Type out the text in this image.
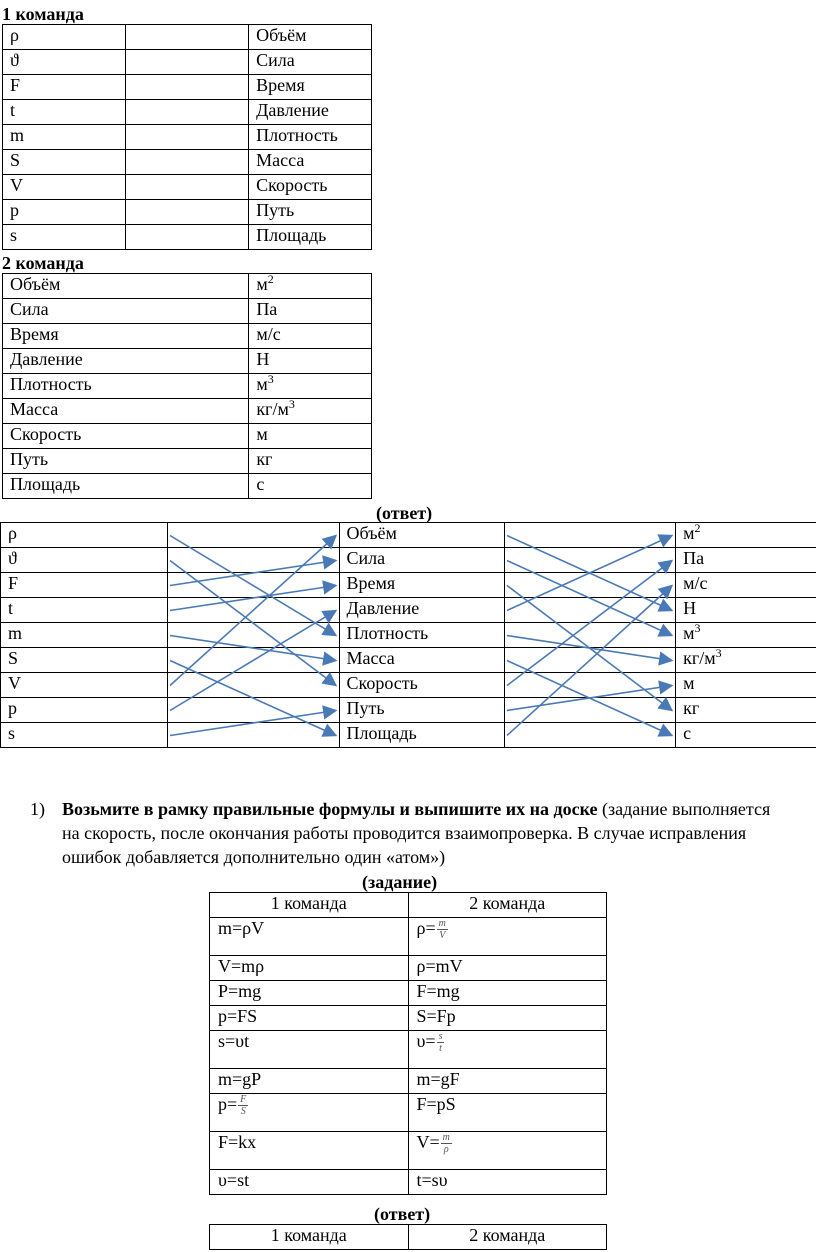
1 команда
ρ		Объём
ϑ		Сила
F		Время
t		Давление
m		Плотность
S		Масса
V		Скорость
p		Путь
s		Площадь
2 команда
Объём	$м^2$
Сила	Па
Время	м/с
Давление	Н
Плотность	$м^3$
Масса	$кг/м^3$
Скорость	м
Путь	кг
Площадь	с
(ответ)
ρ		Объём		$м^2$
ϑ		Сила		Па
F		Время		м/с
t		Давление		Н
m		Плотность		$м^3$
S		Масса		$кг/м^3$
V		Скорость		м
p		Путь		кг
s		Площадь		с
1) Возьмите в рамку правильные формулы и выпишите их на доске (задание выполняется на скорость, после окончания работы проводится взаимопроверка. В случае исправления ошибок добавляется дополнительно один «атом»)
(задание)
1 команда	2 команда
m=ρV	$\rho= \frac{m}{V}$

V=mρ	ρ=mV
P=mg	F=mg
p=FS	S=Fp
s=υt	$\upsilon= \frac{s}{t}$

m=gP	m=gF
$p= \frac{F}{S}$	F=pS
F=kx	$V= \frac{m}{\rho}$

υ=st	t=sυ
(ответ)
1 команда	2 команда
